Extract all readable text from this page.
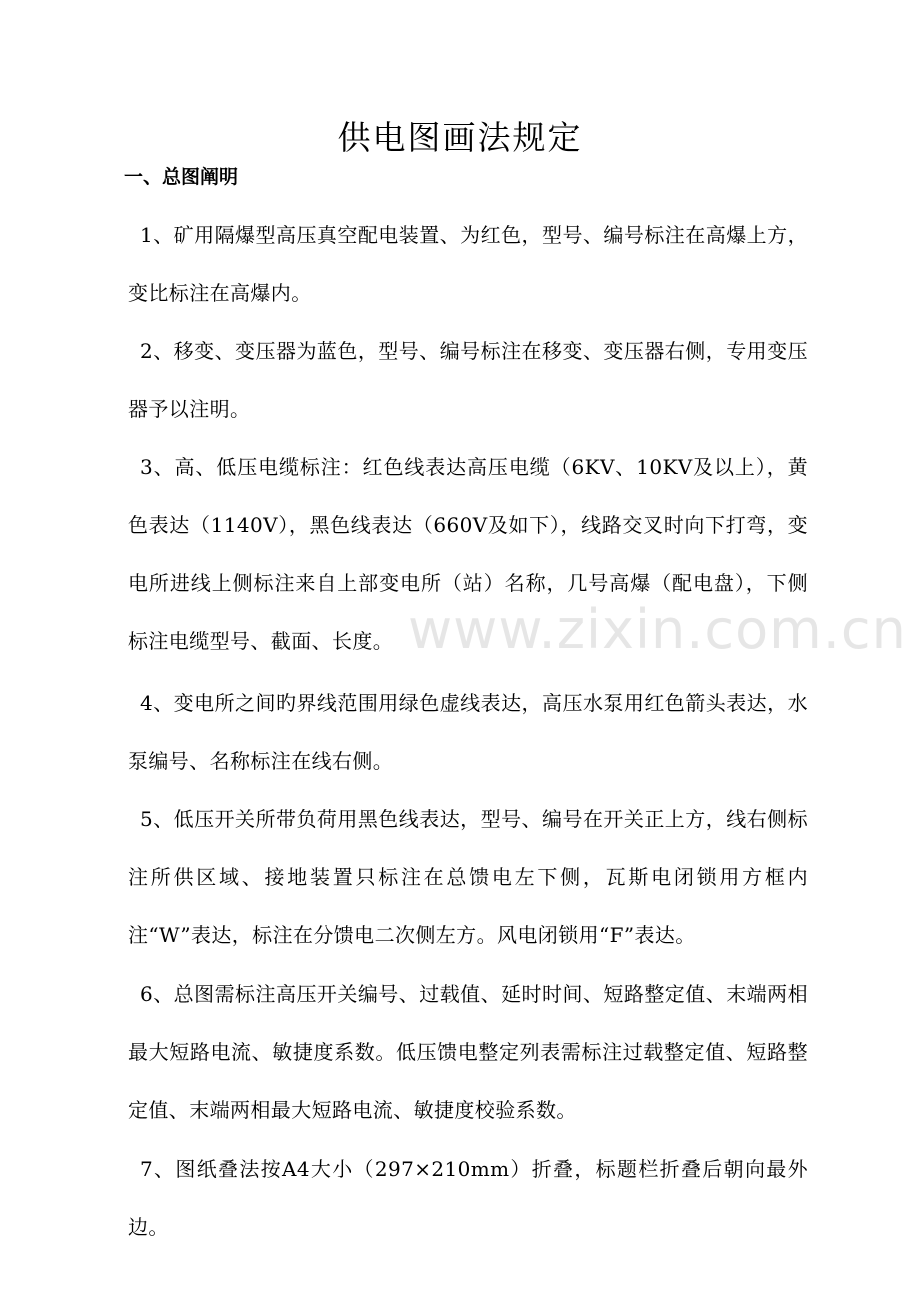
供电图画法规定
一、总图阐明

1、矿用隔爆型高压真空配电装置、为红色，型号、编号标注在高爆上方，变比标注在高爆内。

2、移变、变压器为蓝色，型号、编号标注在移变、变压器右侧，专用变压器予以注明。

3、高、低压电缆标注：红色线表达高压电缆（6KV、10KV及以上），黄色表达（1140V），黑色线表达（660V及如下），线路交叉时向下打弯，变电所进线上侧标注来自上部变电所（站）名称，几号高爆（配电盘），下侧标注电缆型号、截面、长度。

4、变电所之间旳界线范围用绿色虚线表达，高压水泵用红色箭头表达，水泵编号、名称标注在线右侧。

5、低压开关所带负荷用黑色线表达，型号、编号在开关正上方，线右侧标注所供区域、接地装置只标注在总馈电左下侧，瓦斯电闭锁用方框内注“W”表达，标注在分馈电二次侧左方。风电闭锁用“F”表达。

6、总图需标注高压开关编号、过载值、延时时间、短路整定值、末端两相最大短路电流、敏捷度系数。低压馈电整定列表需标注过载整定值、短路整定值、末端两相最大短路电流、敏捷度校验系数。

7、图纸叠法按A4大小（297×210mm）折叠，标题栏折叠后朝向最外边。

www.zixin.com.cn
